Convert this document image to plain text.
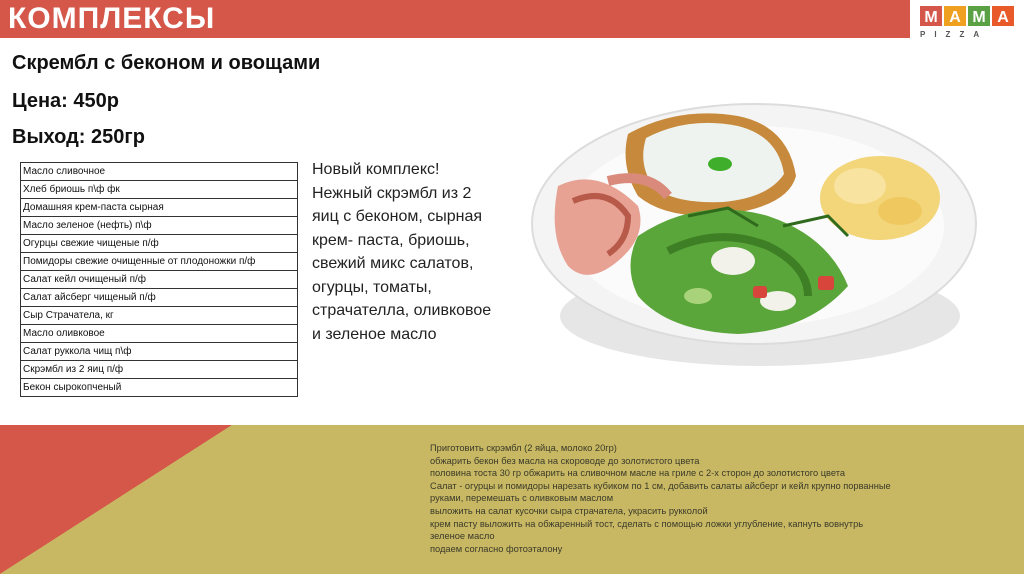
КОМПЛЕКСЫ	М А М А
PIZZA
Скрембл с беконом и овощами
Цена: 450р
Выход: 250гр
Масло сливочное
Хлеб бриошь п\ф фк
Домашняя крем-паста сырная
Масло зеленое (нефть) п\ф
Огурцы свежие чищеные п/ф
Помидоры свежие очищенные от плодоножки п/ф
Салат кейл очищеный п/ф
Салат айсберг чищеный п/ф
Сыр Страчатела, кг
Масло оливковое
Салат руккола чищ п\ф
Скрэмбл из 2 яиц п/ф
Бекон сырокопченый
Новый комплекс!
Нежный скрэмбл из 2
яиц с беконом, сырная
крем- паста, бриошь,
свежий микс салатов,
огурцы, томаты,
страчателла, оливковое
и зеленое масло
Приготовить скрэмбл (2 яйца, молоко 20гр)
обжарить бекон без масла на скороводе до золотистого цвета
половина тоста 30 гр обжарить на сливочном масле на гриле с 2-х сторон до золотистого цвета
Салат - огурцы и помидоры нарезать кубиком по 1 см, добавить салаты айсберг и кейл крупно порванные
руками, перемешать с оливковым маслом
выложить на салат кусочки сыра страчатела, украсить рукколой
крем пасту выложить на обжаренный тост, сделать с помощью ложки углубление, капнуть вовнутрь
зеленое масло
подаем согласно фотоэталону
